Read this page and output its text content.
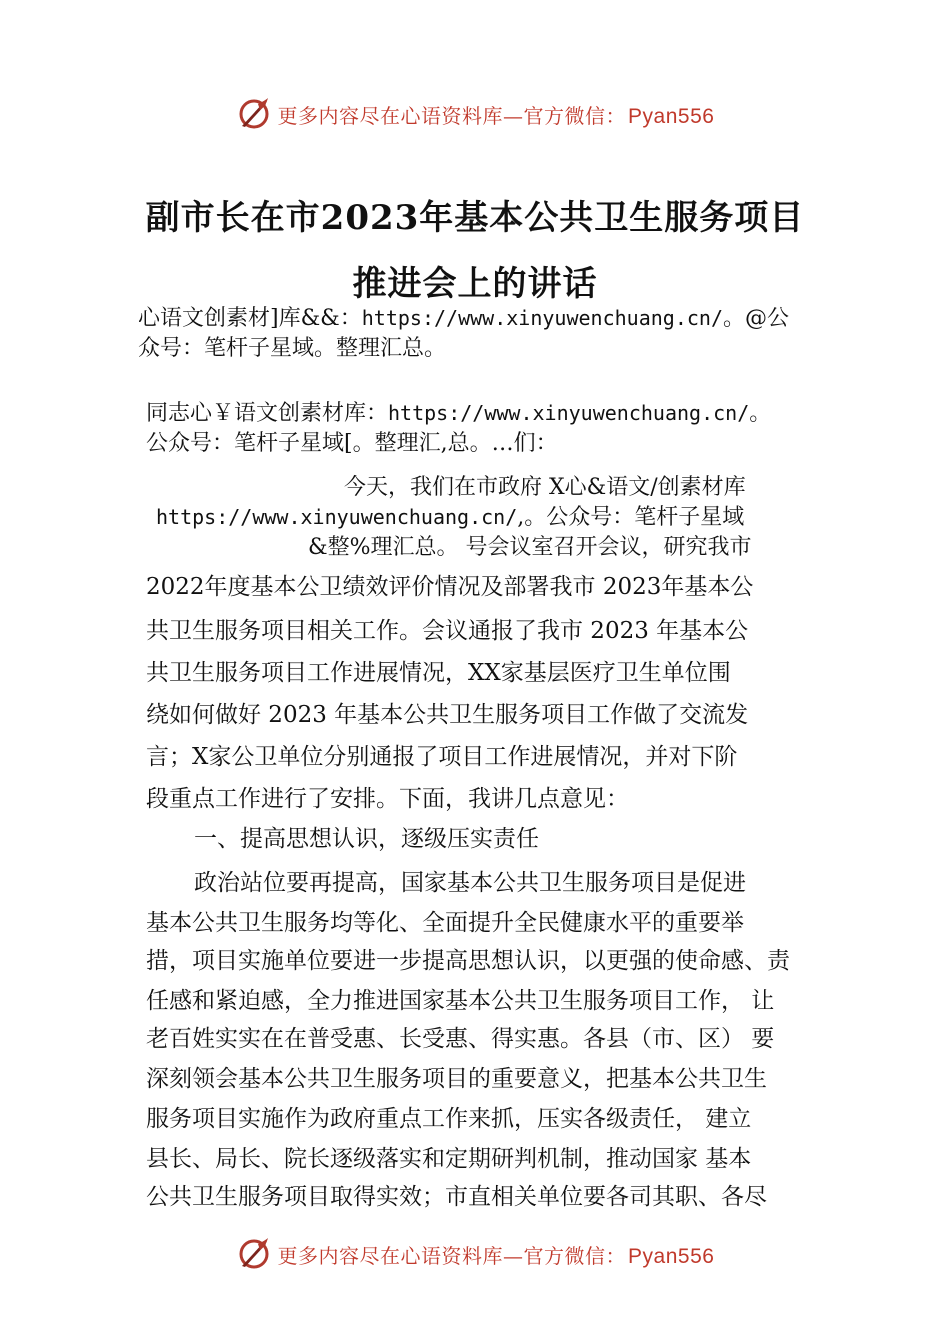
更多内容尽在心语资料库—官方微信：Pyan556
副市长在市2023年基本公共卫生服务项目
推进会上的讲话
心语文创素材]库&&：https://www.xinyuwenchuang.cn/。@公
众号：笔杆子星域。整理汇总。
同志心￥语文创素材库：https://www.xinyuwenchuang.cn/。
公众号：笔杆子星域[。整理汇,总。…们：
今天，我们在市政府 X心&语文/创素材库
https://www.xinyuwenchuang.cn/,。公众号：笔杆子星域
&整%理汇总。 号会议室召开会议，研究我市
2022年度基本公卫绩效评价情况及部署我市 2023年基本公
共卫生服务项目相关工作。会议通报了我市 2023 年基本公
共卫生服务项目工作进展情况，XX家基层医疗卫生单位围
绕如何做好 2023 年基本公共卫生服务项目工作做了交流发
言；X家公卫单位分别通报了项目工作进展情况，并对下阶
段重点工作进行了安排。下面，我讲几点意见：
一、提高思想认识，逐级压实责任
政治站位要再提高，国家基本公共卫生服务项目是促进
基本公共卫生服务均等化、全面提升全民健康水平的重要举
措，项目实施单位要进一步提高思想认识，以更强的使命感、责
任感和紧迫感，全力推进国家基本公共卫生服务项目工作， 让
老百姓实实在在普受惠、长受惠、得实惠。各县（市、区） 要
深刻领会基本公共卫生服务项目的重要意义，把基本公共卫生
服务项目实施作为政府重点工作来抓，压实各级责任， 建立
县长、局长、院长逐级落实和定期研判机制，推动国家 基本
公共卫生服务项目取得实效；市直相关单位要各司其职、各尽
更多内容尽在心语资料库—官方微信：Pyan556
